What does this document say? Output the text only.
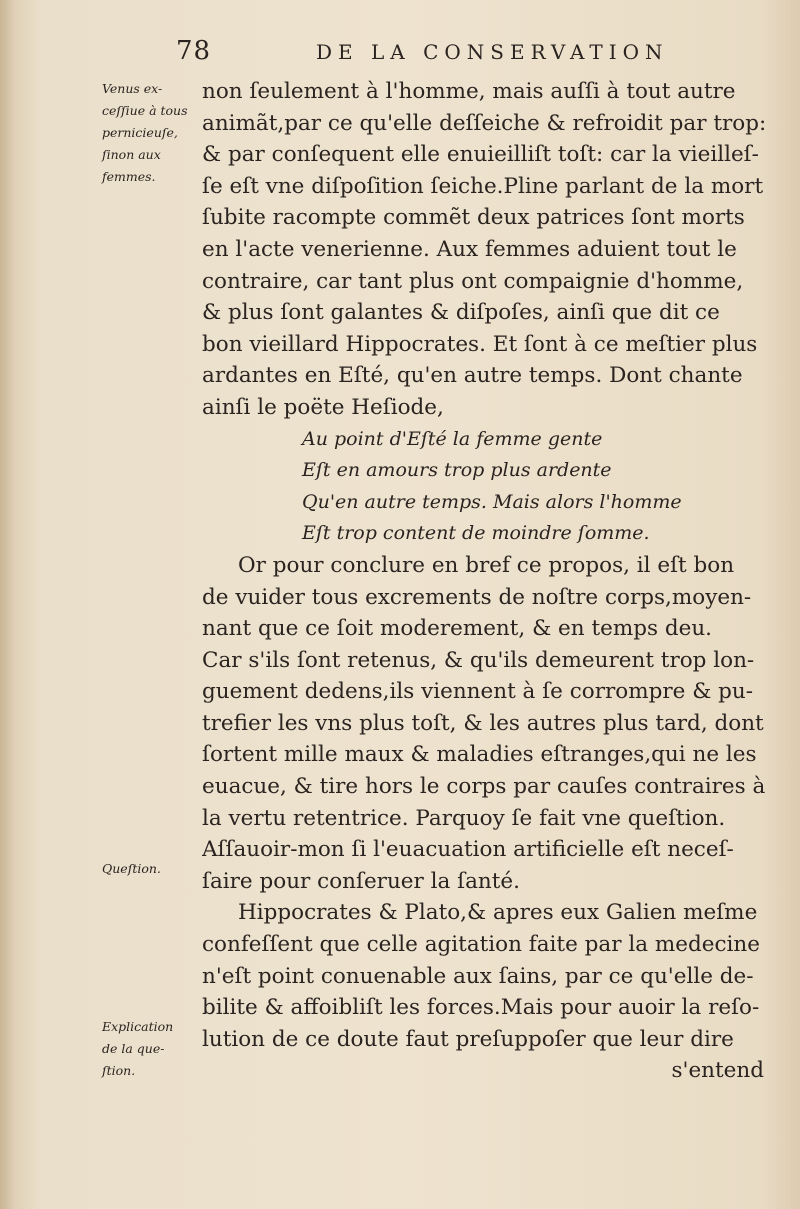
78	DE LA CONSERVATION
non ſeulement à l'homme, mais auſſi à tout autre
animãt,par ce qu'elle deſſeiche & refroidit par trop:
& par conſequent elle enuieilliſt toſt: car la vieilleſ-
ſe eſt vne diſpoſition ſeiche.Pline parlant de la mort
ſubite racompte commẽt deux patrices ſont morts
en l'acte venerienne. Aux femmes aduient tout le
contraire, car tant plus ont compaignie d'homme,
& plus ſont galantes & diſpoſes, ainſi que dit ce
bon vieillard Hippocrates. Et ſont à ce meſtier plus
ardantes en Eſté, qu'en autre temps. Dont chante
ainſi le poëte Heſiode,
Au point d'Eſté la femme gente
Eſt en amours trop plus ardente
Qu'en autre temps. Mais alors l'homme
Eſt trop content de moindre ſomme.
Or pour conclure en bref ce propos, il eſt bon
de vuider tous excrements de noſtre corps,moyen-
nant que ce ſoit moderement, & en temps deu.
Car s'ils ſont retenus, & qu'ils demeurent trop lon-
guement dedens,ils viennent à ſe corrompre & pu-
trefier les vns plus toſt, & les autres plus tard, dont
ſortent mille maux & maladies eſtranges,qui ne les
euacue, & tire hors le corps par cauſes contraires à
la vertu retentrice. Parquoy ſe fait vne queſtion.
Aſſauoir-mon ſi l'euacuation artificielle eſt neceſ-
ſaire pour conſeruer la ſanté.
Hippocrates & Plato,& apres eux Galien meſme
confeſſent que celle agitation faite par la medecine
n'eſt point conuenable aux ſains, par ce qu'elle de-
bilite & affoibliſt les forces.Mais pour auoir la reſo-
lution de ce doute faut preſuppoſer que leur dire
s'entend
Venus ex-
ceſſiue à tous
pernicieuſe,
ſinon aux
femmes.
Queſtion.
Explication
de la que-
ſtion.
